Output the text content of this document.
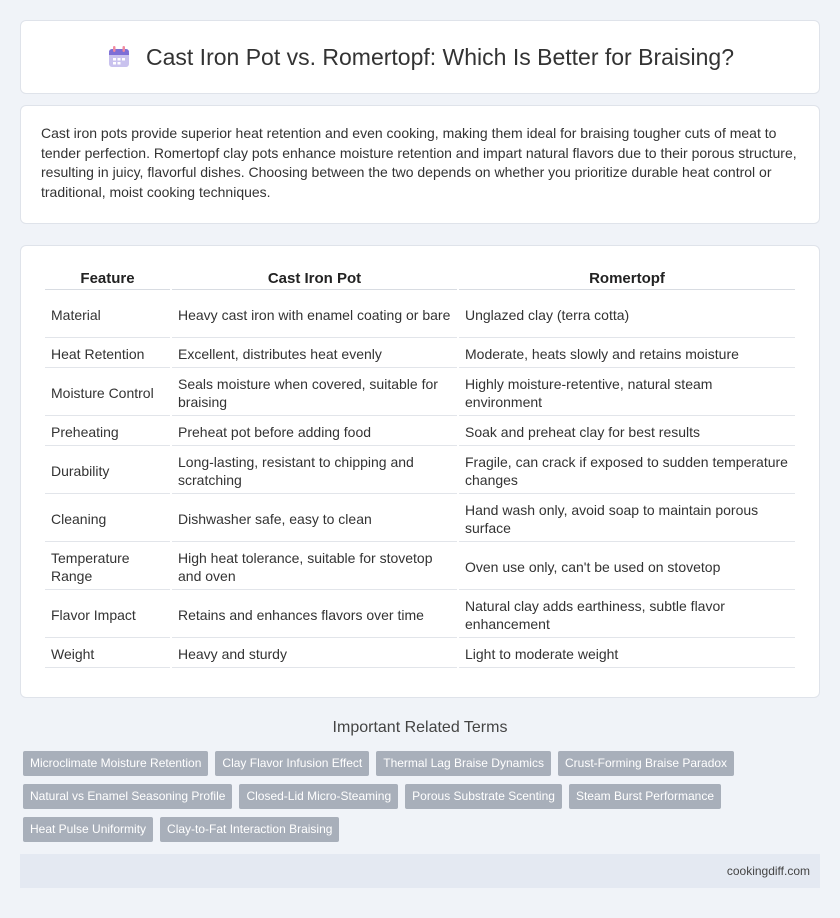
Cast Iron Pot vs. Romertopf: Which Is Better for Braising?

Cast iron pots provide superior heat retention and even cooking, making them ideal for braising tougher cuts of meat to tender perfection. Romertopf clay pots enhance moisture retention and impart natural flavors due to their porous structure, resulting in juicy, flavorful dishes. Choosing between the two depends on whether you prioritize durable heat control or traditional, moist cooking techniques.

Feature	Cast Iron Pot	Romertopf
Material	Heavy cast iron with enamel coating or bare	Unglazed clay (terra cotta)
Heat Retention	Excellent, distributes heat evenly	Moderate, heats slowly and retains moisture
Moisture Control	Seals moisture when covered, suitable for braising	Highly moisture-retentive, natural steam environment
Preheating	Preheat pot before adding food	Soak and preheat clay for best results
Durability	Long-lasting, resistant to chipping and scratching	Fragile, can crack if exposed to sudden temperature changes
Cleaning	Dishwasher safe, easy to clean	Hand wash only, avoid soap to maintain porous surface
Temperature Range	High heat tolerance, suitable for stovetop and oven	Oven use only, can't be used on stovetop
Flavor Impact	Retains and enhances flavors over time	Natural clay adds earthiness, subtle flavor enhancement
Weight	Heavy and sturdy	Light to moderate weight
Important Related Terms
Microclimate Moisture Retention	Clay Flavor Infusion Effect	Thermal Lag Braise Dynamics	Crust-Forming Braise Paradox
Natural vs Enamel Seasoning Profile	Closed-Lid Micro-Steaming	Porous Substrate Scenting	Steam Burst Performance
Heat Pulse Uniformity	Clay-to-Fat Interaction Braising
cookingdiff.com
